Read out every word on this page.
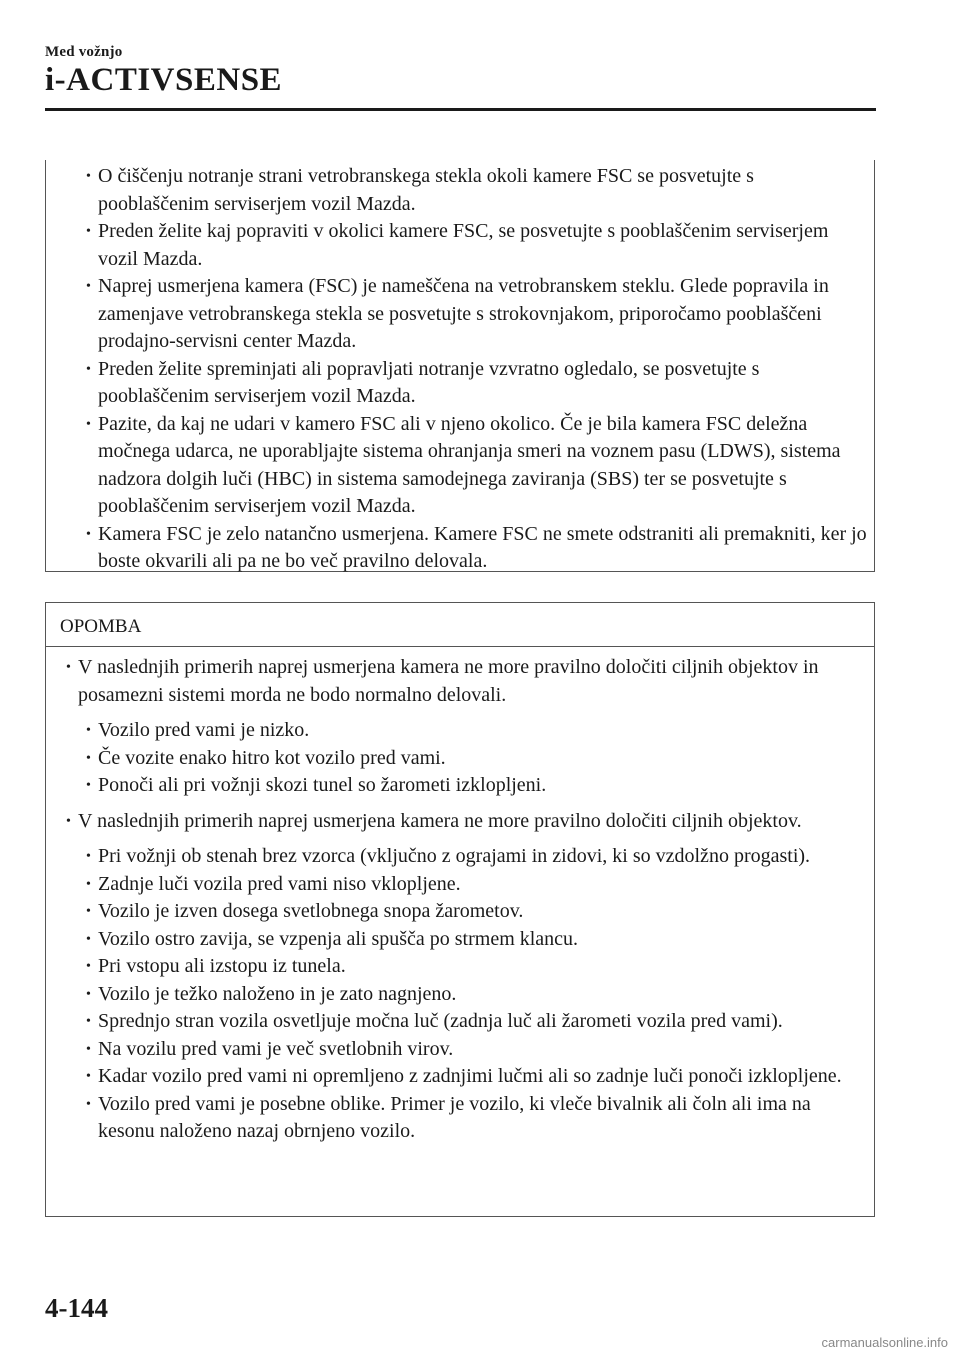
Med vožnjo
i-ACTIVSENSE
• O čiščenju notranje strani vetrobranskega stekla okoli kamere FSC se posvetujte s pooblaščenim serviserjem vozil Mazda.
• Preden želite kaj popraviti v okolici kamere FSC, se posvetujte s pooblaščenim serviserjem vozil Mazda.
• Naprej usmerjena kamera (FSC) je nameščena na vetrobranskem steklu. Glede popravila in zamenjave vetrobranskega stekla se posvetujte s strokovnjakom, priporočamo pooblaščeni prodajno-servisni center Mazda.
• Preden želite spreminjati ali popravljati notranje vzvratno ogledalo, se posvetujte s pooblaščenim serviserjem vozil Mazda.
• Pazite, da kaj ne udari v kamero FSC ali v njeno okolico. Če je bila kamera FSC deležna močnega udarca, ne uporabljajte sistema ohranjanja smeri na voznem pasu (LDWS), sistema nadzora dolgih luči (HBC) in sistema samodejnega zaviranja (SBS) ter se posvetujte s pooblaščenim serviserjem vozil Mazda.
• Kamera FSC je zelo natančno usmerjena. Kamere FSC ne smete odstraniti ali premakniti, ker jo boste okvarili ali pa ne bo več pravilno delovala.
OPOMBA
• V naslednjih primerih naprej usmerjena kamera ne more pravilno določiti ciljnih objektov in posamezni sistemi morda ne bodo normalno delovali.
• Vozilo pred vami je nizko.
• Če vozite enako hitro kot vozilo pred vami.
• Ponoči ali pri vožnji skozi tunel so žarometi izklopljeni.
• V naslednjih primerih naprej usmerjena kamera ne more pravilno določiti ciljnih objektov.
• Pri vožnji ob stenah brez vzorca (vključno z ograjami in zidovi, ki so vzdolžno progasti).
• Zadnje luči vozila pred vami niso vklopljene.
• Vozilo je izven dosega svetlobnega snopa žarometov.
• Vozilo ostro zavija, se vzpenja ali spušča po strmem klancu.
• Pri vstopu ali izstopu iz tunela.
• Vozilo je težko naloženo in je zato nagnjeno.
• Sprednjo stran vozila osvetljuje močna luč (zadnja luč ali žarometi vozila pred vami).
• Na vozilu pred vami je več svetlobnih virov.
• Kadar vozilo pred vami ni opremljeno z zadnjimi lučmi ali so zadnje luči ponoči izklopljene.
• Vozilo pred vami je posebne oblike. Primer je vozilo, ki vleče bivalnik ali čoln ali ima na kesonu naloženo nazaj obrnjeno vozilo.
4-144
carmanualsonline.info
